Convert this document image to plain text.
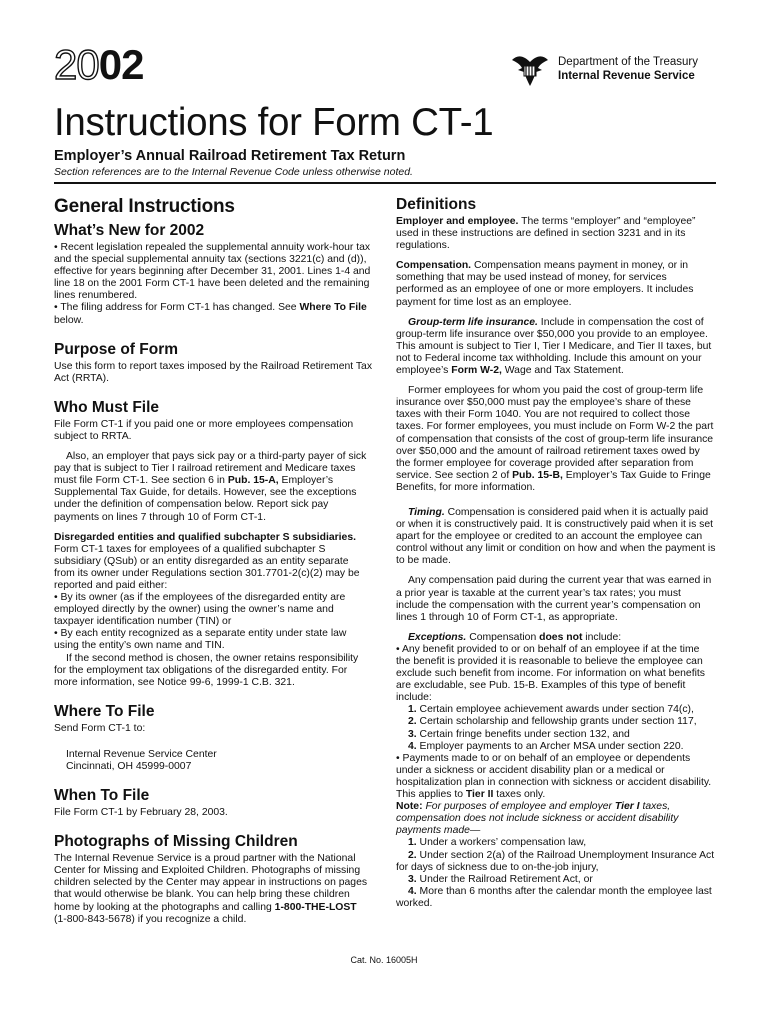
2002	Department of the Treasury
Internal Revenue Service
Instructions for Form CT-1
Employer’s Annual Railroad Retirement Tax Return
Section references are to the Internal Revenue Code unless otherwise noted.
General Instructions
What’s New for 2002

• Recent legislation repealed the supplemental annuity work-hour tax and the special supplemental annuity tax (sections 3221(c) and (d)), effective for years beginning after December 31, 2001. Lines 1-4 and line 18 on the 2001 Form CT-1 have been deleted and the remaining lines renumbered.

• The filing address for Form CT-1 has changed. See Where To File below.

Purpose of Form

Use this form to report taxes imposed by the Railroad Retirement Tax Act (RRTA).

Who Must File

File Form CT-1 if you paid one or more employees compensation subject to RRTA.

Also, an employer that pays sick pay or a third-party payer of sick pay that is subject to Tier I railroad retirement and Medicare taxes must file Form CT-1. See section 6 in Pub. 15-A, Employer’s Supplemental Tax Guide, for details. However, see the exceptions under the definition of compensation below. Report sick pay payments on lines 7 through 10 of Form CT-1.

Disregarded entities and qualified subchapter S subsidiaries. Form CT-1 taxes for employees of a qualified subchapter S subsidiary (QSub) or an entity disregarded as an entity separate from its owner under Regulations section 301.7701-2(c)(2) may be reported and paid either:

• By its owner (as if the employees of the disregarded entity are employed directly by the owner) using the owner’s name and taxpayer identification number (TIN) or

• By each entity recognized as a separate entity under state law using the entity’s own name and TIN.

If the second method is chosen, the owner retains responsibility for the employment tax obligations of the disregarded entity. For more information, see Notice 99-6, 1999-1 C.B. 321.

Where To File

Send Form CT-1 to:

Internal Revenue Service Center
Cincinnati, OH 45999-0007
When To File

File Form CT-1 by February 28, 2003.

Photographs of Missing Children

The Internal Revenue Service is a proud partner with the National Center for Missing and Exploited Children. Photographs of missing children selected by the Center may appear in instructions on pages that would otherwise be blank. You can help bring these children home by looking at the photographs and calling 1-800-THE-LOST (1-800-843-5678) if you recognize a child.

Definitions

Employer and employee. The terms “employer” and “employee” used in these instructions are defined in section 3231 and in its regulations.

Compensation. Compensation means payment in money, or in something that may be used instead of money, for services performed as an employee of one or more employers. It includes payment for time lost as an employee.

Group-term life insurance. Include in compensation the cost of group-term life insurance over $50,000 you provide to an employee. This amount is subject to Tier I, Tier I Medicare, and Tier II taxes, but not to Federal income tax withholding. Include this amount on your employee’s Form W-2, Wage and Tax Statement.

Former employees for whom you paid the cost of group-term life insurance over $50,000 must pay the employee’s share of these taxes with their Form 1040. You are not required to collect those taxes. For former employees, you must include on Form W-2 the part of compensation that consists of the cost of group-term life insurance over $50,000 and the amount of railroad retirement taxes owed by the former employee for coverage provided after separation from service. See section 2 of Pub. 15-B, Employer’s Tax Guide to Fringe Benefits, for more information.

Timing. Compensation is considered paid when it is actually paid or when it is constructively paid. It is constructively paid when it is set apart for the employee or credited to an account the employee can control without any limit or condition on how and when the payment is to be made.

Any compensation paid during the current year that was earned in a prior year is taxable at the current year’s tax rates; you must include the compensation with the current year’s compensation on lines 1 through 10 of Form CT-1, as appropriate.

Exceptions. Compensation does not include:

• Any benefit provided to or on behalf of an employee if at the time the benefit is provided it is reasonable to believe the employee can exclude such benefit from income. For information on what benefits are excludable, see Pub. 15-B. Examples of this type of benefit include:

1. Certain employee achievement awards under section 74(c),

2. Certain scholarship and fellowship grants under section 117,

3. Certain fringe benefits under section 132, and

4. Employer payments to an Archer MSA under section 220.

• Payments made to or on behalf of an employee or dependents under a sickness or accident disability plan or a medical or hospitalization plan in connection with sickness or accident disability. This applies to Tier II taxes only.

Note: For purposes of employee and employer Tier I taxes, compensation does not include sickness or accident disability payments made—

1. Under a workers’ compensation law,

2. Under section 2(a) of the Railroad Unemployment Insurance Act for days of sickness due to on-the-job injury,

3. Under the Railroad Retirement Act, or

4. More than 6 months after the calendar month the employee last worked.

Cat. No. 16005H
